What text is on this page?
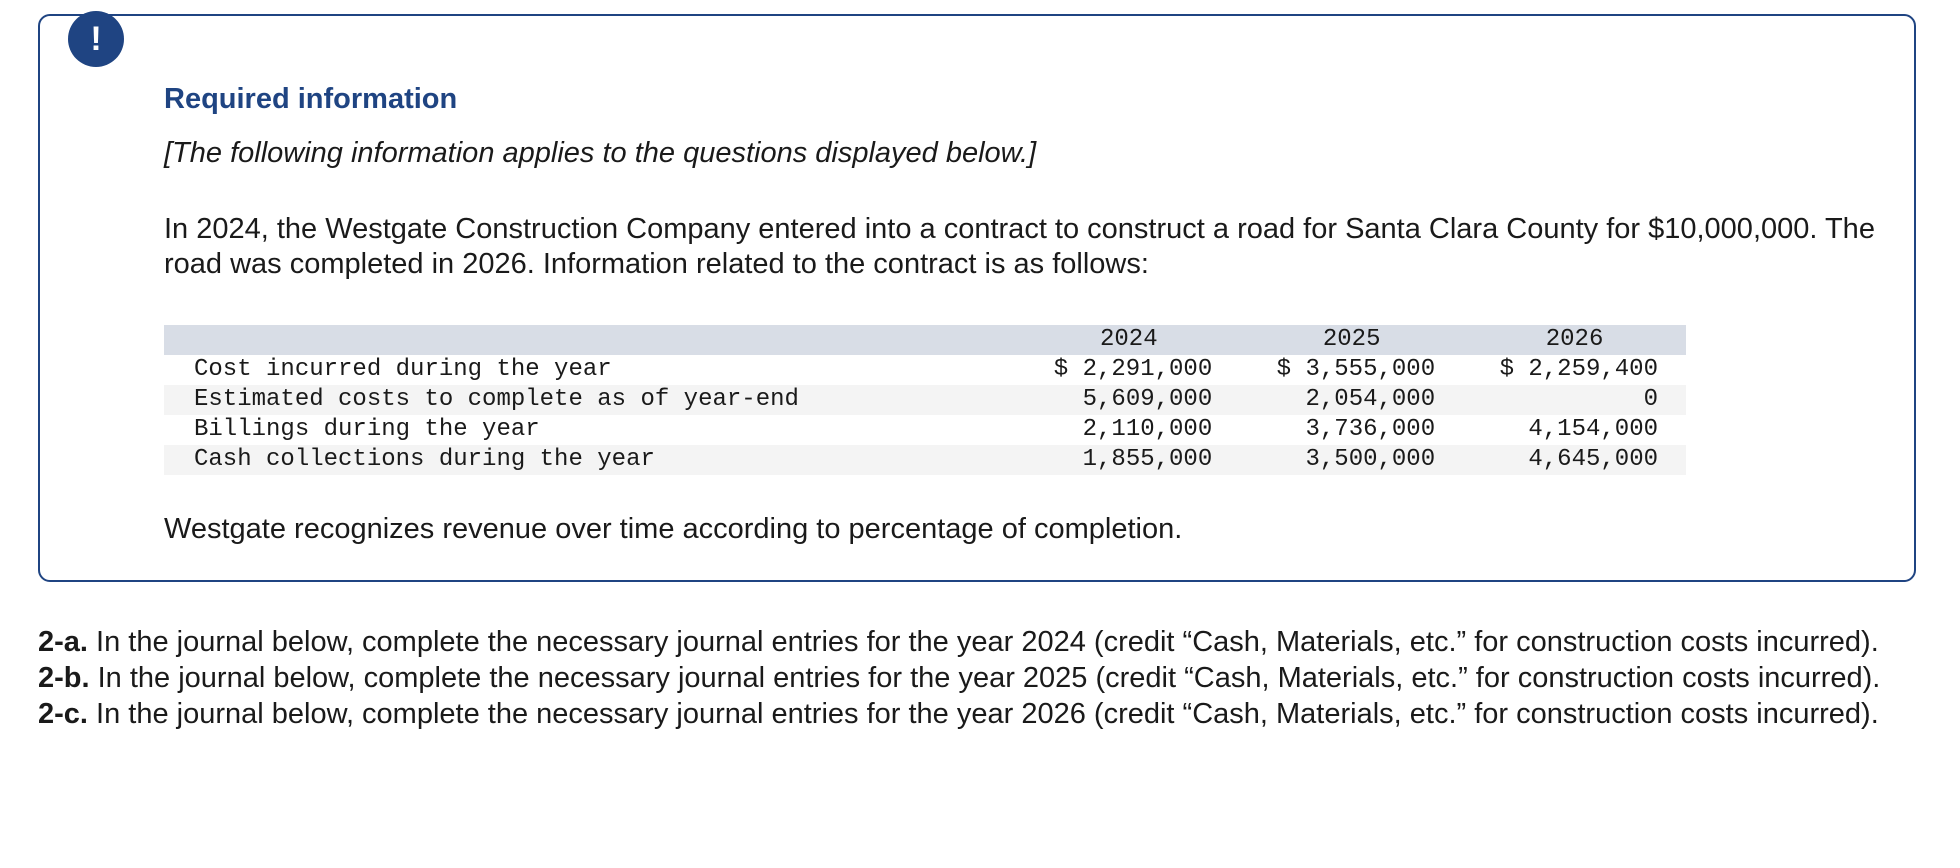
!
Required information

[The following information applies to the questions displayed below.]

In 2024, the Westgate Construction Company entered into a contract to construct a road for Santa Clara County for $10,000,000. The road was completed in 2026. Information related to the contract is as follows:

	2024	2025	2026
Cost incurred during the year	$ 2,291,000	$ 3,555,000	$ 2,259,400
Estimated costs to complete as of year-end	5,609,000	2,054,000	0
Billings during the year	2,110,000	3,736,000	4,154,000
Cash collections during the year	1,855,000	3,500,000	4,645,000

Westgate recognizes revenue over time according to percentage of completion.

2-a. In the journal below, complete the necessary journal entries for the year 2024 (credit “Cash, Materials, etc.” for construction costs incurred).

2-b. In the journal below, complete the necessary journal entries for the year 2025 (credit “Cash, Materials, etc.” for construction costs incurred).

2-c. In the journal below, complete the necessary journal entries for the year 2026 (credit “Cash, Materials, etc.” for construction costs incurred).
